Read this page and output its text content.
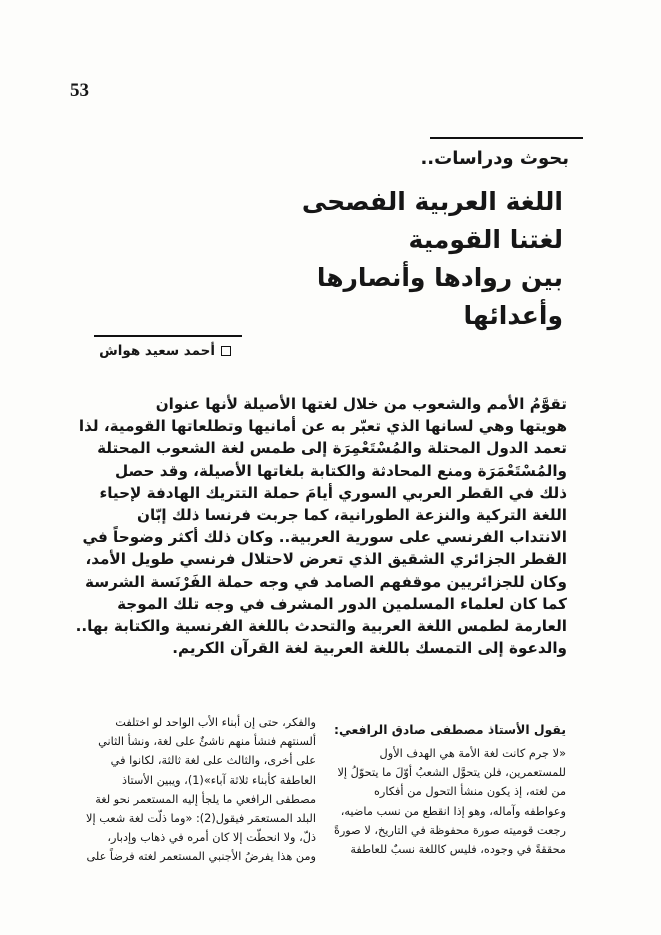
53
بحوث ودراسات..
اللغة العربية الفصحى
لغتنا القومية
بين روادها وأنصارها
وأعدائها
أحمد سعيد هواش
تقوَّمُ الأمم والشعوب من خلال لغتها الأصيلة لأنها عنوان
هويتها وهي لسانها الذي تعبّر به عن أمانيها وتطلعاتها القومية، لذا
تعمد الدول المحتلة والمُسْتَعْمِرَة إلى طمس لغة الشعوب المحتلة
والمُسْتَعْمَرَة ومنع المحادثة والكتابة بلغاتها الأصيلة، وقد حصل
ذلك في القطر العربي السوري أيامَ حملة التتريك الهادفة لإحياء
اللغة التركية والنزعة الطورانية، كما جربت فرنسا ذلك إبّان
الانتداب الفرنسي على سورية العربية.. وكان ذلك أكثر وضوحاً في
القطر الجزائري الشقيق الذي تعرض لاحتلال فرنسي طويل الأمد،
وكان للجزائريين موقفهم الصامد في وجه حملة الفَرْنَسة الشرسة
كما كان لعلماء المسلمين الدور المشرف في وجه تلك الموجة
العارمة لطمس اللغة العربية والتحدث باللغة الفرنسية والكتابة بها..
والدعوة إلى التمسك باللغة العربية لغة القرآن الكريم.
يقول الأستاذ مصطفى صادق الرافعي:
«لا جرم كانت لغة الأمة هي الهدف الأول
للمستعمرين، فلن يتحوَّل الشعبُ أوّلَ ما يتحوّلُ إلا
من لغته، إذ يكون منشأ التحول من أفكاره
وعواطفه وآماله، وهو إذا انقطع من نسب ماضيه،
رجعت قوميته صورة محفوظة في التاريخ، لا صورةً
محققةً في وجوده، فليس كاللغة نسبٌ للعاطفة
والفكر، حتى إن أبناء الأب الواحد لو اختلفت
ألسنتهم فنشأ منهم ناشئٌ على لغة، ونشأ الثاني
على أخرى، والثالث على لغة ثالثة، لكانوا في
العاطفة كأبناء ثلاثة آباء»(1)، ويبين الأستاذ
مصطفى الرافعي ما يلجأ إليه المستعمر نحو لغة
البلد المستعمَر فيقول(2): «وما ذلّت لغة شعب إلا
ذلّ، ولا انحطّت إلا كان أمره في ذهاب وإدبار،
ومن هذا يفرضُ الأجنبي المستعمر لغته فرضاً على
